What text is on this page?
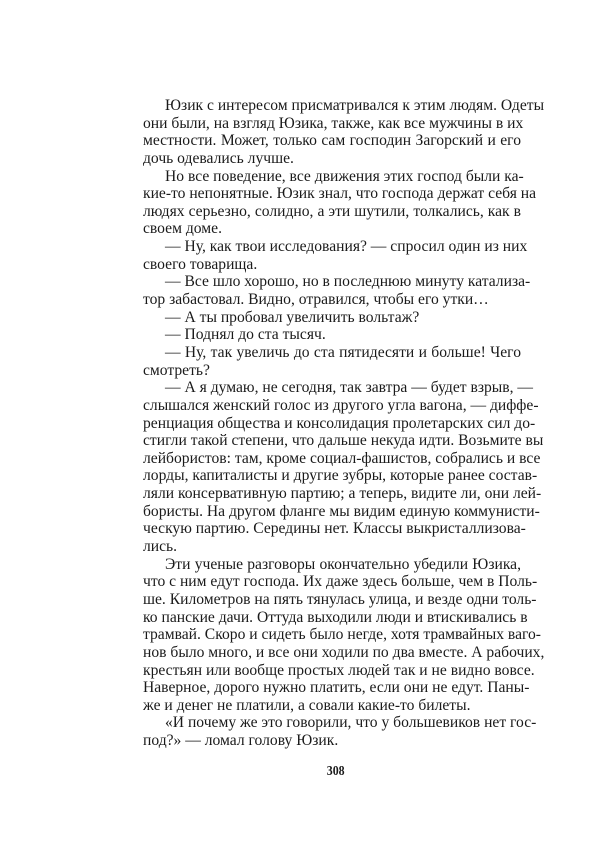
Юзик с интересом присматривался к этим людям. Одеты
они были, на взгляд Юзика, также, как все мужчины в их
местности. Может, только сам господин Загорский и его
дочь одевались лучше.
Но все поведение, все движения этих господ были ка-
кие-то непонятные. Юзик знал, что господа держат себя на
людях серьезно, солидно, а эти шутили, толкались, как в
своем доме.
— Ну, как твои исследования? — спросил один из них
своего товарища.
— Все шло хорошо, но в последнюю минуту катализа-
тор забастовал. Видно, отравился, чтобы его утки…
— А ты пробовал увеличить вольтаж?
— Поднял до ста тысяч.
— Ну, так увеличь до ста пятидесяти и больше! Чего
смотреть?
— А я думаю, не сегодня, так завтра — будет взрыв, —
слышался женский голос из другого угла вагона, — диффе-
ренциация общества и консолидация пролетарских сил до-
стигли такой степени, что дальше некуда идти. Возьмите вы
лейбористов: там, кроме социал-фашистов, собрались и все
лорды, капиталисты и другие зубры, которые ранее состав-
ляли консервативную партию; а теперь, видите ли, они лей-
бористы. На другом фланге мы видим единую коммунисти-
ческую партию. Середины нет. Классы выкристаллизова-
лись.
Эти ученые разговоры окончательно убедили Юзика,
что с ним едут господа. Их даже здесь больше, чем в Поль-
ше. Километров на пять тянулась улица, и везде одни толь-
ко панские дачи. Оттуда выходили люди и втискивались в
трамвай. Скоро и сидеть было негде, хотя трамвайных ваго-
нов было много, и все они ходили по два вместе. А рабочих,
крестьян или вообще простых людей так и не видно вовсе.
Наверное, дорого нужно платить, если они не едут. Паны-
же и денег не платили, а совали какие-то билеты.
«И почему же это говорили, что у большевиков нет гос-
под?» — ломал голову Юзик.
308
